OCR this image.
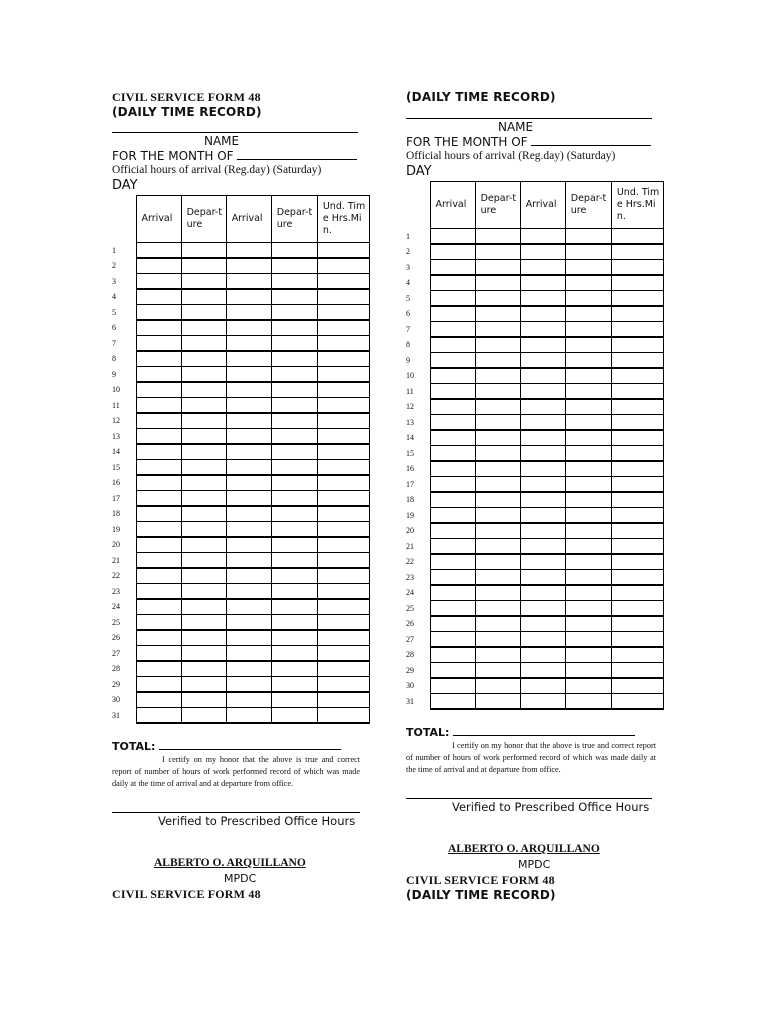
CIVIL SERVICE FORM 48
(DAILY TIME RECORD)
NAME
FOR THE MONTH OF
Official hours of arrival (Reg.day) (Saturday)
DAY
	Arrival	Depar-ture	Arrival	Depar-ture	Und. Time Hrs.Min.
1					
2					
3					
4					
5					
6					
7					
8					
9					
10					
11					
12					
13					
14					
15					
16					
17					
18					
19					
20					
21					
22					
23					
24					
25					
26					
27					
28					
29					
30					
31					
TOTAL:
I certify on my honor that the above is true and correct report of number of hours of work performed record of which was made daily at the time of arrival and at departure from office.
Verified to Prescribed Office Hours
ALBERTO O. ARQUILLANO
MPDC
CIVIL SERVICE FORM 48
(DAILY TIME RECORD)
NAME
FOR THE MONTH OF
Official hours of arrival (Reg.day) (Saturday)
DAY
	Arrival	Depar-ture	Arrival	Depar-ture	Und. Time Hrs.Min.
1					
2					
3					
4					
5					
6					
7					
8					
9					
10					
11					
12					
13					
14					
15					
16					
17					
18					
19					
20					
21					
22					
23					
24					
25					
26					
27					
28					
29					
30					
31					
TOTAL:
I certify on my honor that the above is true and correct report of number of hours of work performed record of which was made daily at the time of arrival and at departure from office.
Verified to Prescribed Office Hours
ALBERTO O. ARQUILLANO
MPDC
CIVIL SERVICE FORM 48
(DAILY TIME RECORD)
